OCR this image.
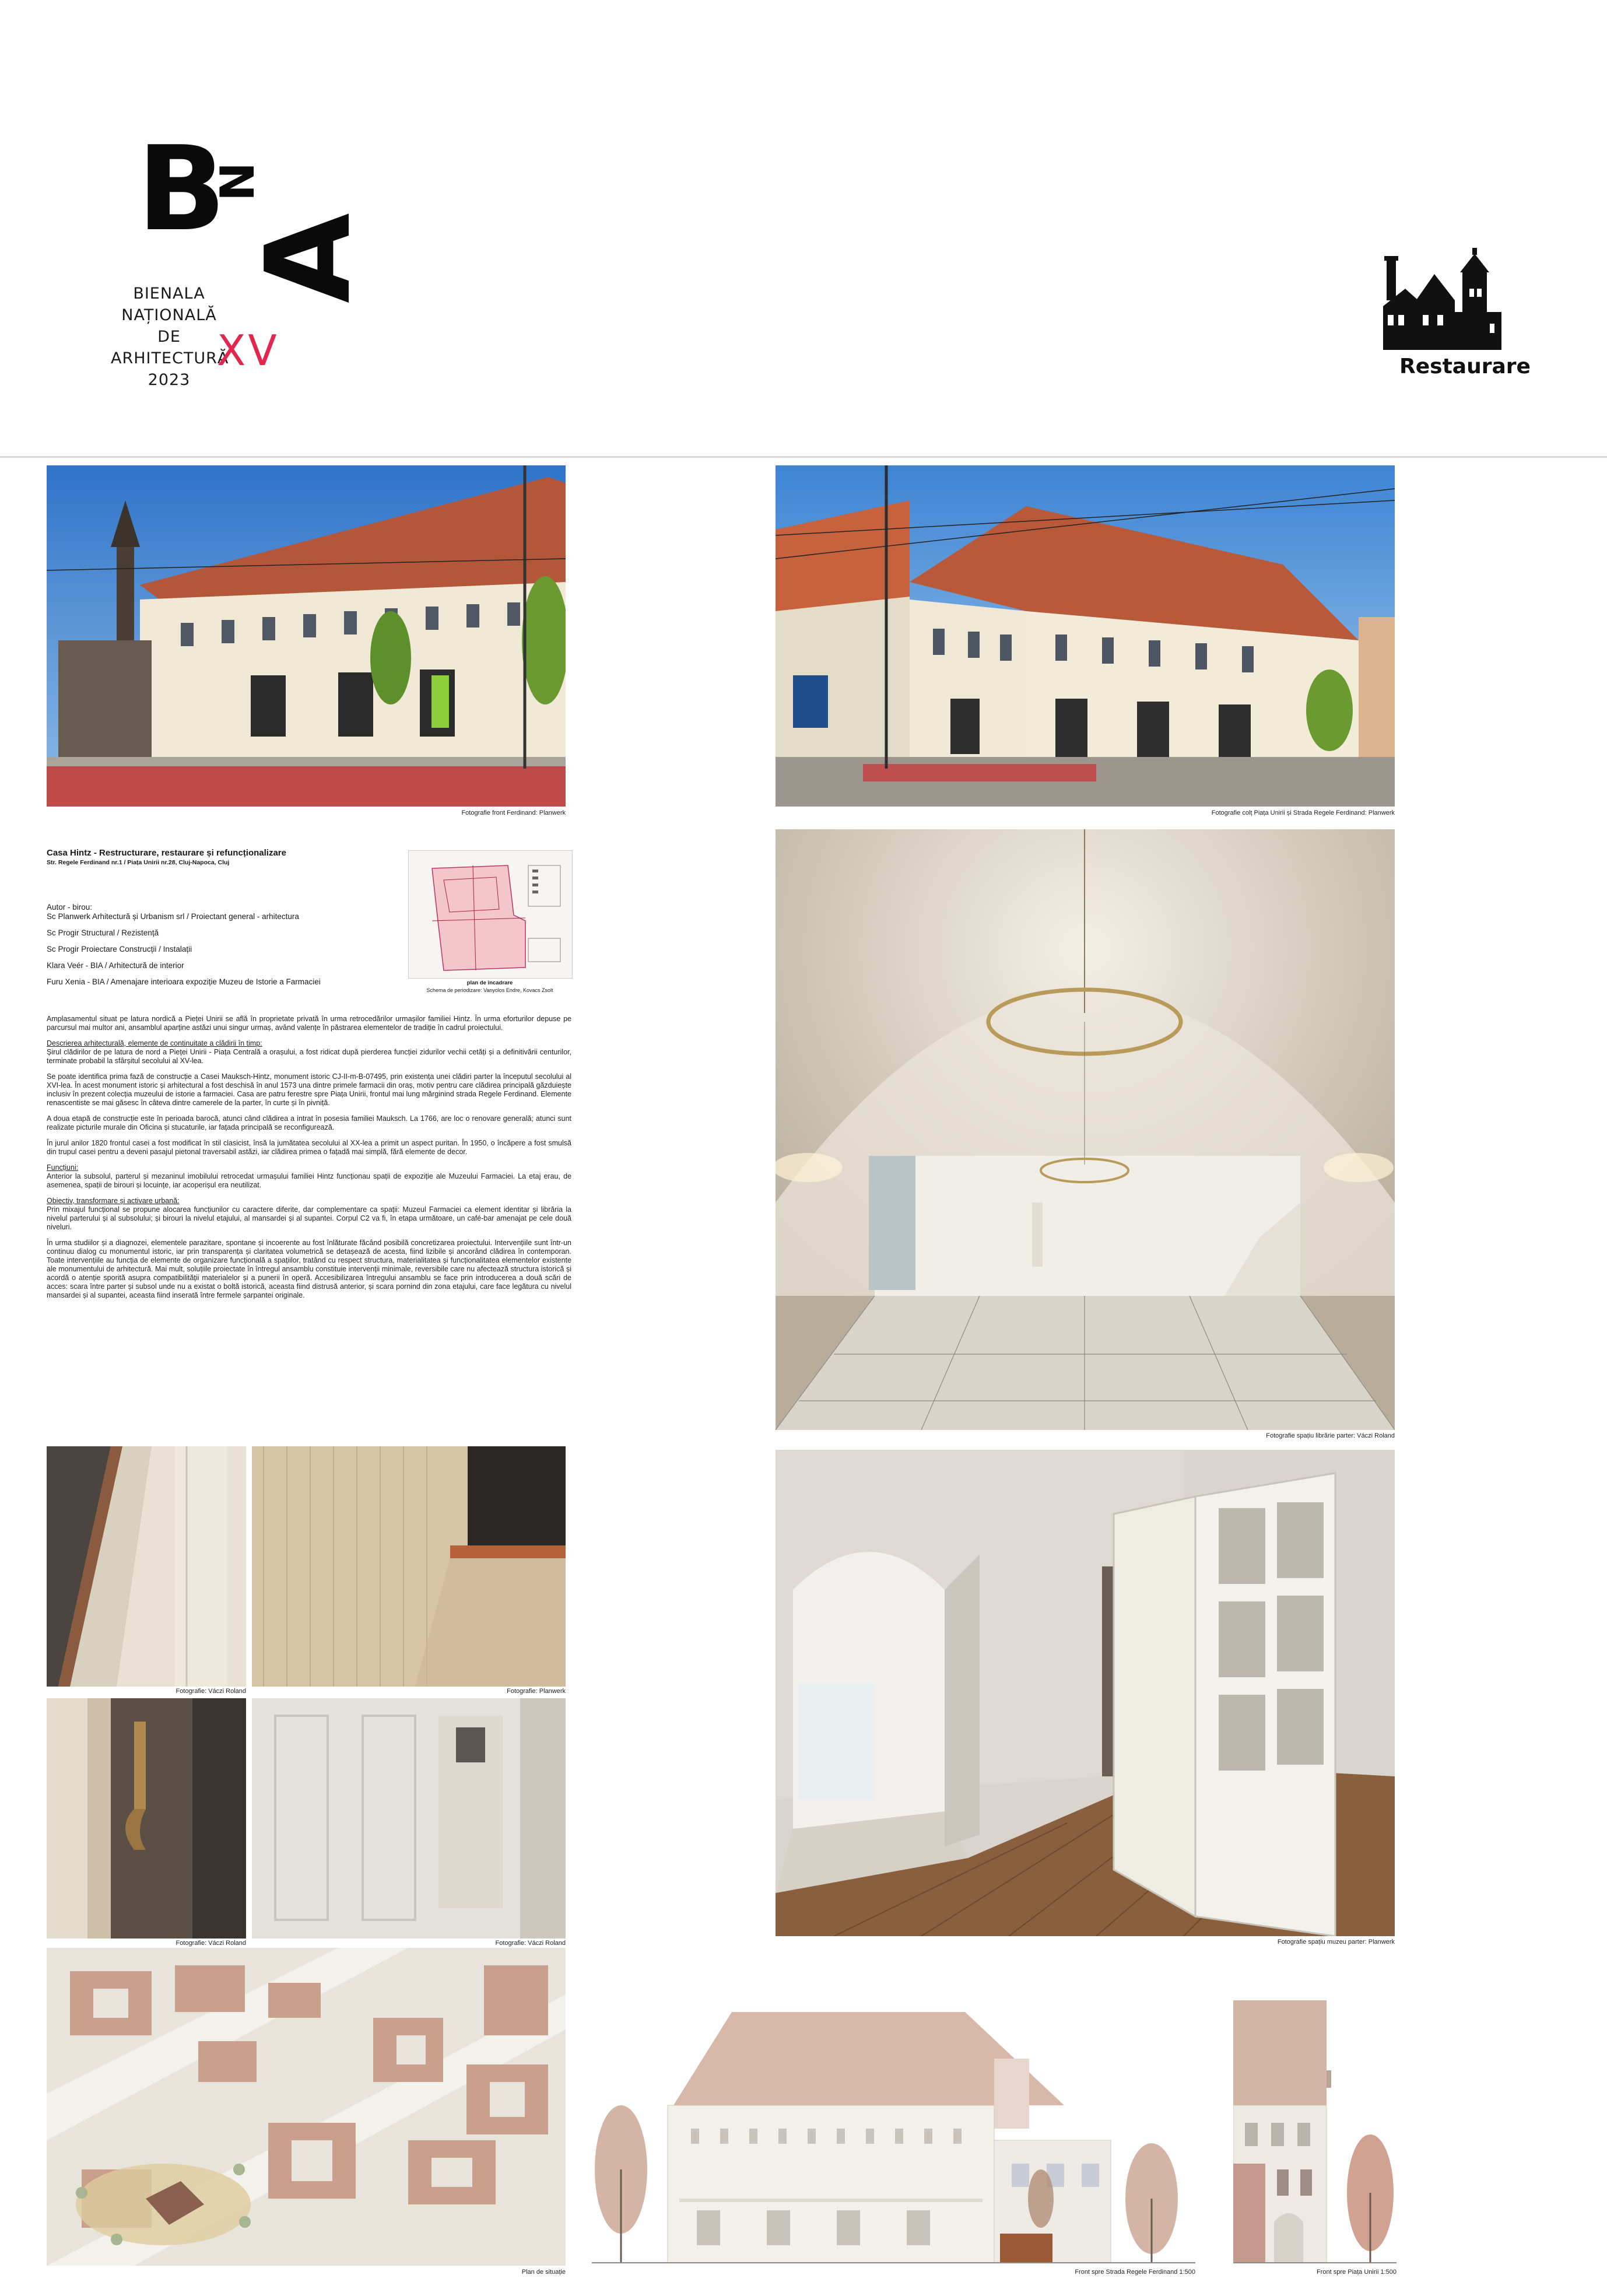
B
N
A
BIENALA
NAȚIONALĂ
DE
ARHITECTURĂ
2023
XV	Restaurare
Fotografie front Ferdinand: Planwerk	Fotografie colț Piața Unirii și Strada Regele Ferdinand: Planwerk
Casa Hintz - Restructurare, restaurare și refuncționalizare
Str. Regele Ferdinand nr.1 / Piața Unirii nr.28, Cluj-Napoca, Cluj
Autor - birou:
Sc Planwerk Arhitectură și Urbanism srl / Proiectant general - arhitectura
Sc Progir Structural / Rezistență
Sc Progir Proiectare Construcții / Instalații
Klara Veér - BIA / Arhitectură de interior
Furu Xenia - BIA / Amenajare interioara expoziție Muzeu de Istorie a Farmaciei	plan de încadrare
Schema de periodizare: Vanyolos Endre, Kovacs Zsolt

Amplasamentul situat pe latura nordică a Pieței Unirii se află în proprietate privată în urma retrocedărilor urmașilor familiei Hintz. În urma eforturilor depuse pe parcursul mai multor ani, ansamblul aparține astăzi unui singur urmaș, având valențe în păstrarea elementelor de tradiție în cadrul proiectului.

Descrierea arhitecturală, elemente de continuitate a clădirii în timp:
Șirul clădirilor de pe latura de nord a Pieței Unirii - Piața Centrală a orașului, a fost ridicat după pierderea funcției zidurilor vechii cetăți și a definitivării centurilor, terminate probabil la sfârșitul secolului al XV-lea.

Se poate identifica prima fază de construcție a Casei Mauksch-Hintz, monument istoric CJ-II-m-B-07495, prin existența unei clădiri parter la începutul secolului al XVI-lea. În acest monument istoric și arhitectural a fost deschisă în anul 1573 una dintre primele farmacii din oraș, motiv pentru care clădirea principală găzduiește inclusiv în prezent colecția muzeului de istorie a farmaciei. Casa are patru ferestre spre Piața Unirii, frontul mai lung mărginind strada Regele Ferdinand. Elemente renascentiste se mai găsesc în câteva dintre camerele de la parter, în curte și în pivniță.

A doua etapă de construcție este în perioada barocă, atunci când clădirea a intrat în posesia familiei Mauksch. La 1766, are loc o renovare generală; atunci sunt realizate picturile murale din Oficina și stucaturile, iar fațada principală se reconfigurează.

În jurul anilor 1820 frontul casei a fost modificat în stil clasicist, însă la jumătatea secolului al XX-lea a primit un aspect puritan. În 1950, o încăpere a fost smulsă din trupul casei pentru a deveni pasajul pietonal traversabil astăzi, iar clădirea primea o fațadă mai simplă, fără elemente de decor.

Funcțiuni:
Anterior la subsolul, parterul și mezaninul imobilului retrocedat urmașului familiei Hintz funcționau spații de expoziție ale Muzeului Farmaciei. La etaj erau, de asemenea, spații de birouri și locuințe, iar acoperișul era neutilizat.

Obiectiv, transformare și activare urbană:
Prin mixajul funcțional se propune alocarea funcțiunilor cu caractere diferite, dar complementare ca spații: Muzeul Farmaciei ca element identitar și librăria la nivelul parterului și al subsolului; și birouri la nivelul etajului, al mansardei și al supantei. Corpul C2 va fi, în etapa următoare, un café-bar amenajat pe cele două niveluri.

În urma studiilor și a diagnozei, elementele parazitare, spontane și incoerente au fost înlăturate făcând posibilă concretizarea proiectului. Intervențiile sunt într-un continuu dialog cu monumentul istoric, iar prin transparența și claritatea volumetrică se detașează de acesta, fiind lizibile și ancorând clădirea în contemporan. Toate intervențiile au funcția de elemente de organizare funcțională a spațiilor, tratând cu respect structura, materialitatea și funcționalitatea elementelor existente ale monumentului de arhitectură. Mai mult, soluțiile proiectate în întregul ansamblu constituie intervenții minimale, reversibile care nu afectează structura istorică și acordă o atenție sporită asupra compatibilității materialelor și a punerii în operă. Accesibilizarea întregului ansamblu se face prin introducerea a două scări de acces: scara între parter și subsol unde nu a existat o boltă istorică, aceasta fiind distrusă anterior, și scara pornind din zona etajului, care face legătura cu nivelul mansardei și al supantei, aceasta fiind inserată între fermele șarpantei originale.

Fotografie spațiu librărie parter: Váczi Roland
Fotografie: Váczi Roland	Fotografie: Planwerk
Fotografie: Váczi Roland	Fotografie: Váczi Roland	Fotografie spațiu muzeu parter: Planwerk
Plan de situație	Front spre Strada Regele Ferdinand 1:500	Front spre Piața Unirii 1:500
